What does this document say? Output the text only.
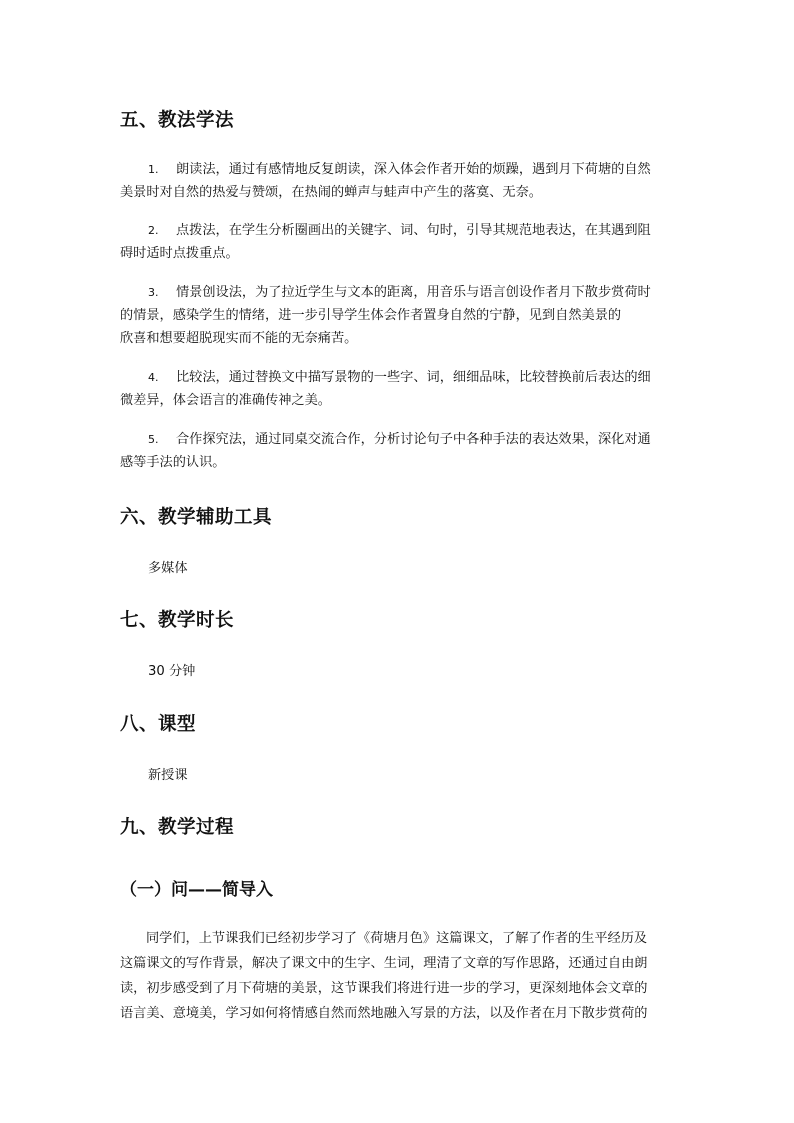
五、教法学法
1. 朗读法，通过有感情地反复朗读，深入体会作者开始的烦躁，遇到月下荷塘的自然
美景时对自然的热爱与赞颂，在热闹的蝉声与蛙声中产生的落寞、无奈。
2. 点拨法，在学生分析圈画出的关键字、词、句时，引导其规范地表达，在其遇到阻
碍时适时点拨重点。
3. 情景创设法，为了拉近学生与文本的距离，用音乐与语言创设作者月下散步赏荷时
的情景，感染学生的情绪，进一步引导学生体会作者置身自然的宁静，见到自然美景的
欣喜和想要超脱现实而不能的无奈痛苦。
4. 比较法，通过替换文中描写景物的一些字、词，细细品味，比较替换前后表达的细
微差异，体会语言的准确传神之美。
5. 合作探究法，通过同桌交流合作，分析讨论句子中各种手法的表达效果，深化对通
感等手法的认识。
六、教学辅助工具
多媒体
七、教学时长
30 分钟
八、课型
新授课
九、教学过程
（一）问——简导入
同学们，上节课我们已经初步学习了《荷塘月色》这篇课文，了解了作者的生平经历及
这篇课文的写作背景，解决了课文中的生字、生词，理清了文章的写作思路，还通过自由朗
读，初步感受到了月下荷塘的美景，这节课我们将进行进一步的学习，更深刻地体会文章的
语言美、意境美，学习如何将情感自然而然地融入写景的方法，以及作者在月下散步赏荷的
